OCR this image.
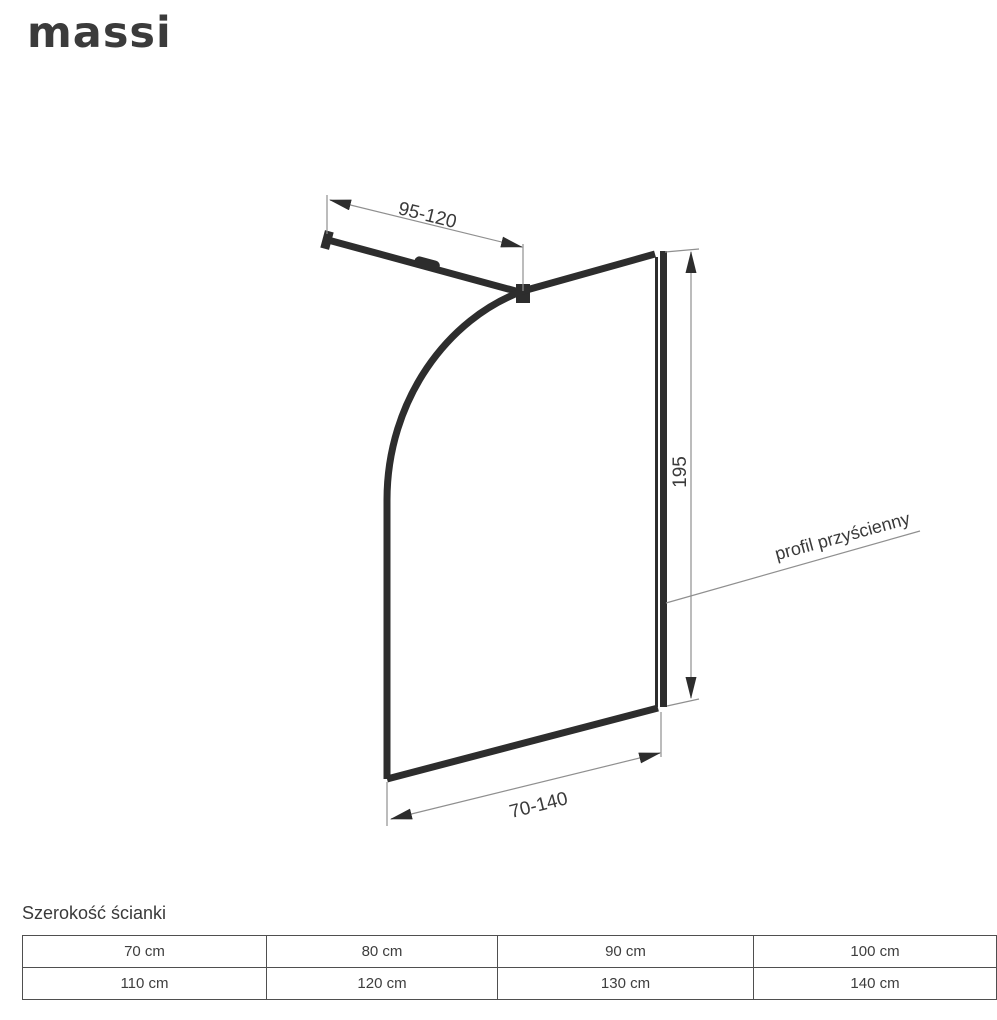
massi
95-120
195
70-140
profil przyścienny
Szerokość ścianki
70 cm	80 cm	90 cm	100 cm
110 cm	120 cm	130 cm	140 cm
